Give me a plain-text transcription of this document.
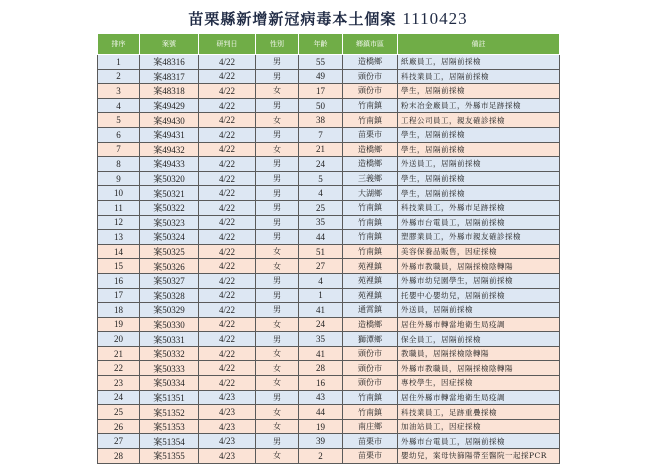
苗栗縣新增新冠病毒本土個案 1110423
排序	案號	研判日	性別	年齡	鄉鎮市區	備註
1	案48316	4/22	男	55	造橋鄉	紙廠員工，居隔前採檢
2	案48317	4/22	男	49	頭份市	科技業員工，居隔前採檢
3	案48318	4/22	女	17	頭份市	學生，居隔前採檢
4	案49429	4/22	男	50	竹南鎮	粉末冶金廠員工，外縣市足跡採檢
5	案49430	4/22	女	38	竹南鎮	工程公司員工，親友確診採檢
6	案49431	4/22	男	7	苗栗市	學生，居隔前採檢
7	案49432	4/22	女	21	造橋鄉	學生，居隔前採檢
8	案49433	4/22	男	24	造橋鄉	外送員工，居隔前採檢
9	案50320	4/22	男	5	三義鄉	學生，居隔前採檢
10	案50321	4/22	男	4	大湖鄉	學生，居隔前採檢
11	案50322	4/22	男	25	竹南鎮	科技業員工，外縣市足跡採檢
12	案50323	4/22	男	35	竹南鎮	外縣市台電員工，居隔前採檢
13	案50324	4/22	男	44	竹南鎮	塑膠業員工，外縣市親友確診採檢
14	案50325	4/22	女	51	竹南鎮	美容保養品販售，因症採檢
15	案50326	4/22	女	27	苑裡鎮	外縣市教職員，居隔採檢陰轉陽
16	案50327	4/22	男	4	苑裡鎮	外縣市幼兒園學生，居隔前採檢
17	案50328	4/22	男	1	苑裡鎮	托嬰中心嬰幼兒，居隔前採檢
18	案50329	4/22	男	41	通霄鎮	外送員，居隔前採檢
19	案50330	4/22	女	24	造橋鄉	居住外縣市轉當地衛生局疫調
20	案50331	4/22	男	35	獅潭鄉	保全員工，居隔前採檢
21	案50332	4/22	女	41	頭份市	教職員，居隔採檢陰轉陽
22	案50333	4/22	女	28	頭份市	外縣市教職員，居隔採檢陰轉陽
23	案50334	4/22	女	16	頭份市	專校學生，因症採檢
24	案51351	4/23	男	43	竹南鎮	居住外縣市轉當地衛生局疫調
25	案51352	4/23	女	44	竹南鎮	科技業員工，足跡重疊採檢
26	案51353	4/23	女	19	南庄鄉	加油站員工，因症採檢
27	案51354	4/23	男	39	苗栗市	外縣市台電員工，居隔前採檢
28	案51355	4/23	女	2	苗栗市	嬰幼兒，案母快篩陽帶至醫院一起採PCR
